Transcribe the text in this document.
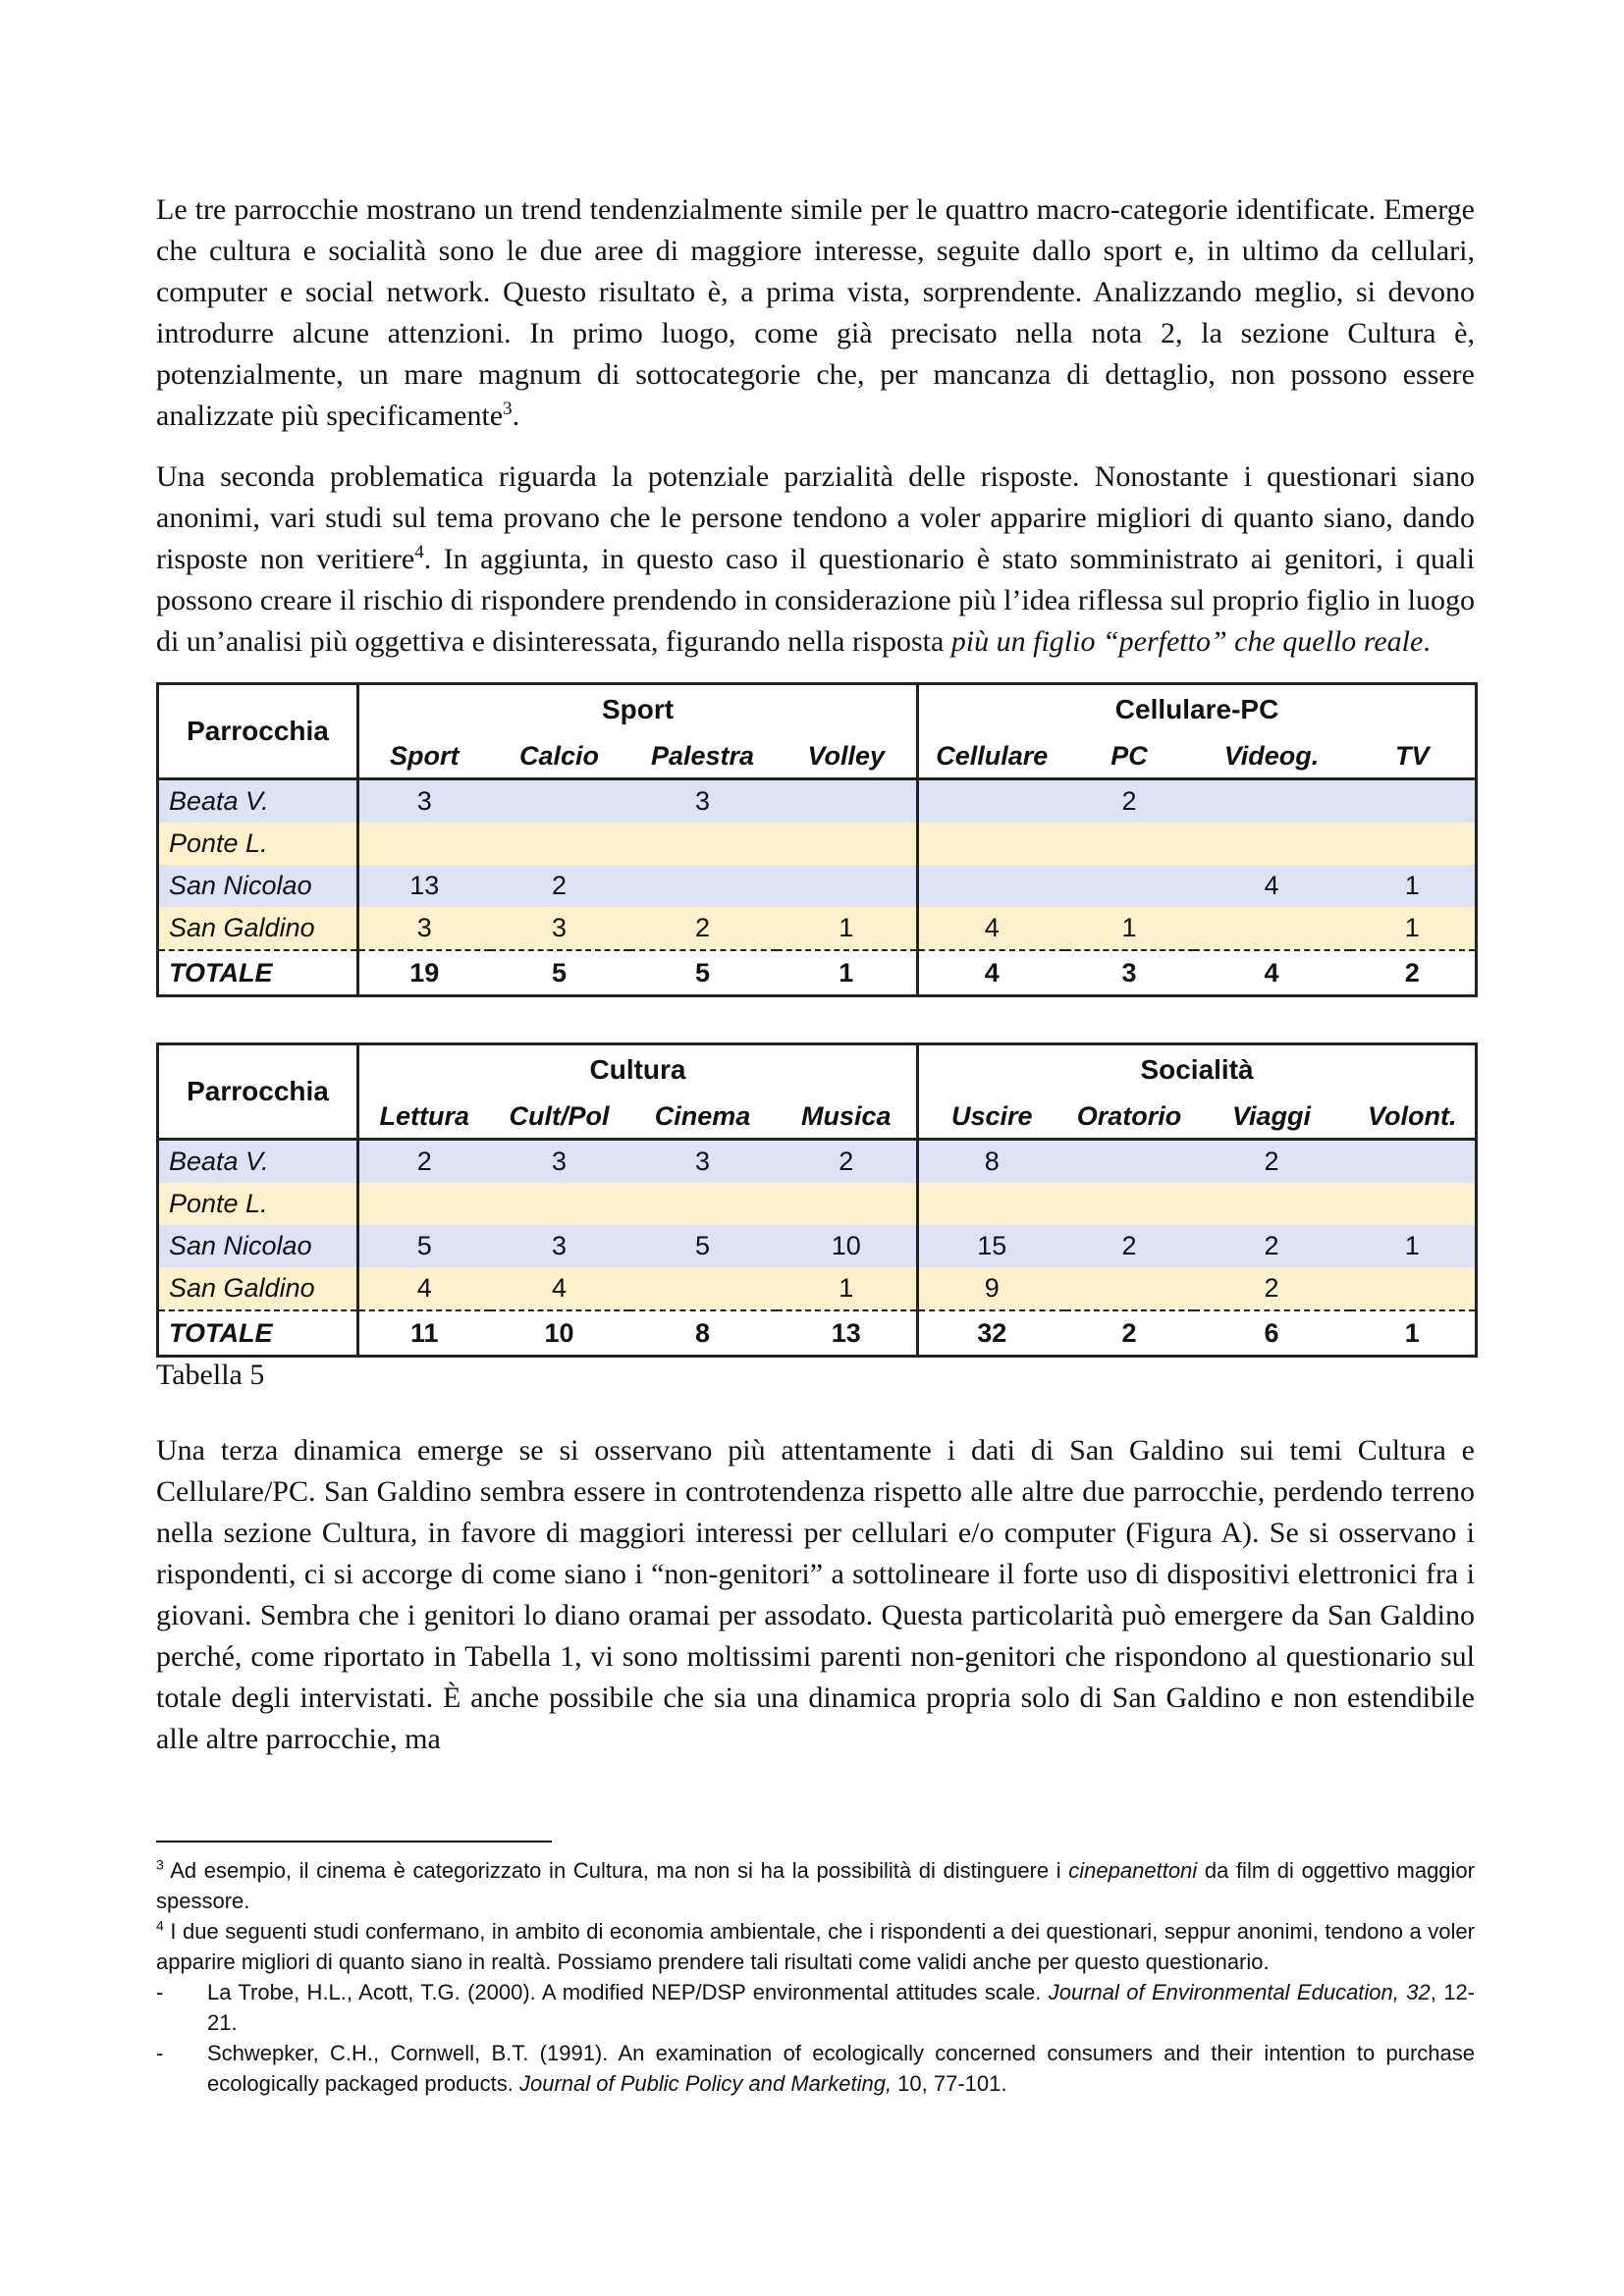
Le tre parrocchie mostrano un trend tendenzialmente simile per le quattro macro-categorie identificate. Emerge che cultura e socialità sono le due aree di maggiore interesse, seguite dallo sport e, in ultimo da cellulari, computer e social network. Questo risultato è, a prima vista, sorprendente. Analizzando meglio, si devono introdurre alcune attenzioni. In primo luogo, come già precisato nella nota 2, la sezione Cultura è, potenzialmente, un mare magnum di sottocategorie che, per mancanza di dettaglio, non possono essere analizzate più specificamente$^3$.

Una seconda problematica riguarda la potenziale parzialità delle risposte. Nonostante i questionari siano anonimi, vari studi sul tema provano che le persone tendono a voler apparire migliori di quanto siano, dando risposte non veritiere$^4$. In aggiunta, in questo caso il questionario è stato somministrato ai genitori, i quali possono creare il rischio di rispondere prendendo in considerazione più l’idea riflessa sul proprio figlio in luogo di un’analisi più oggettiva e disinteressata, figurando nella risposta più un figlio “perfetto” che quello reale.

Parrocchia	Sport				Cellulare-PC			
	Sport	Calcio	Palestra	Volley	Cellulare	PC	Videog.	TV
Beata V.	3		3			2		
Ponte L.								
San Nicolao	13	2					4	1
San Galdino	3	3	2	1	4	1		1
TOTALE	19	5	5	1	4	3	4	2
Parrocchia	Cultura				Socialità			
	Lettura	Cult/Pol	Cinema	Musica	Uscire	Oratorio	Viaggi	Volont.
Beata V.	2	3	3	2	8		2	
Ponte L.								
San Nicolao	5	3	5	10	15	2	2	1
San Galdino	4	4		1	9		2	
TOTALE	11	10	8	13	32	2	6	1
Tabella 5

Una terza dinamica emerge se si osservano più attentamente i dati di San Galdino sui temi Cultura e Cellulare/PC. San Galdino sembra essere in controtendenza rispetto alle altre due parrocchie, perdendo terreno nella sezione Cultura, in favore di maggiori interessi per cellulari e/o computer (Figura A). Se si osservano i rispondenti, ci si accorge di come siano i “non-genitori” a sottolineare il forte uso di dispositivi elettronici fra i giovani. Sembra che i genitori lo diano oramai per assodato. Questa particolarità può emergere da San Galdino perché, come riportato in Tabella 1, vi sono moltissimi parenti non-genitori che rispondono al questionario sul totale degli intervistati. È anche possibile che sia una dinamica propria solo di San Galdino e non estendibile alle altre parrocchie, ma

$^3$ Ad esempio, il cinema è categorizzato in Cultura, ma non si ha la possibilità di distinguere i cinepanettoni da film di oggettivo maggior spessore.

$^4$ I due seguenti studi confermano, in ambito di economia ambientale, che i rispondenti a dei questionari, seppur anonimi, tendono a voler apparire migliori di quanto siano in realtà. Possiamo prendere tali risultati come validi anche per questo questionario.

-	La Trobe, H.L., Acott, T.G. (2000). A modified NEP/DSP environmental attitudes scale. Journal of Environmental Education, 32, 12-21.
-	Schwepker, C.H., Cornwell, B.T. (1991). An examination of ecologically concerned consumers and their intention to purchase ecologically packaged products. Journal of Public Policy and Marketing, 10, 77-101.
